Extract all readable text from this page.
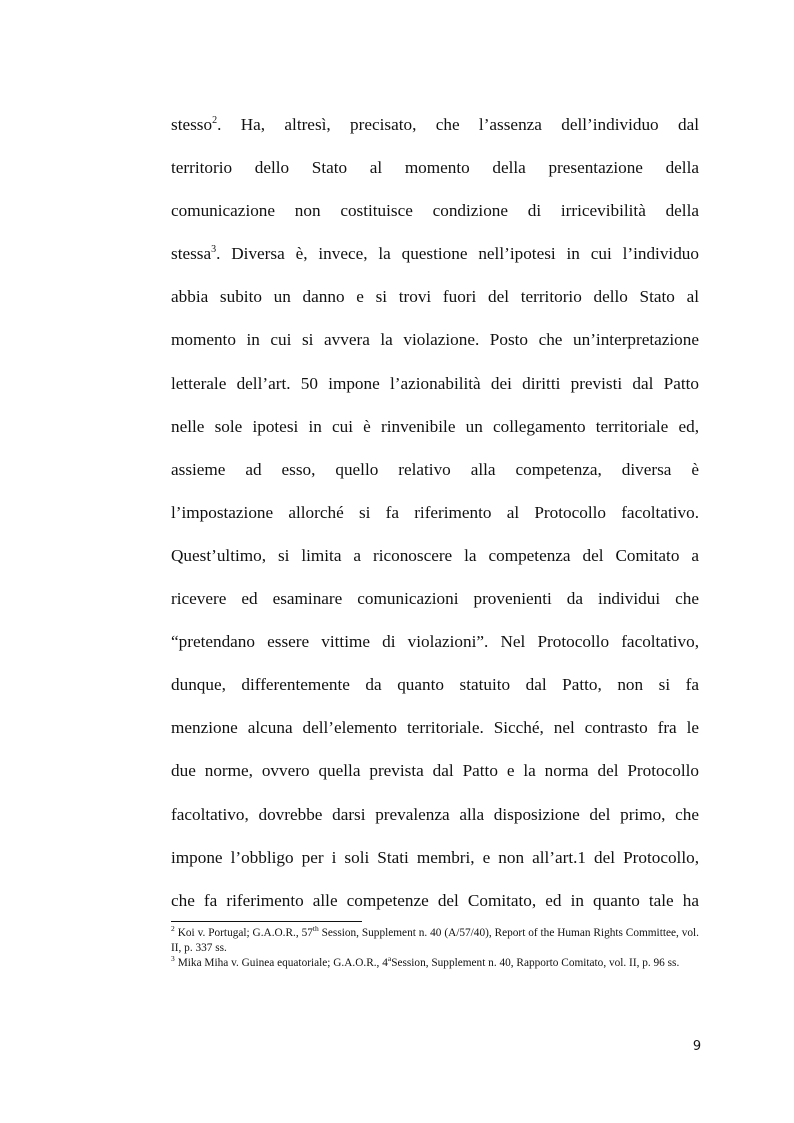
stesso$^2$. Ha, altresì, precisato, che l’assenza dell’individuo dal
territorio dello Stato al momento della presentazione della
comunicazione non costituisce condizione di irricevibilità della
stessa$^3$. Diversa è, invece, la questione nell’ipotesi in cui l’individuo
abbia subito un danno e si trovi fuori del territorio dello Stato al
momento in cui si avvera la violazione. Posto che un’interpretazione
letterale dell’art. 50 impone l’azionabilità dei diritti previsti dal Patto
nelle sole ipotesi in cui è rinvenibile un collegamento territoriale ed,
assieme ad esso, quello relativo alla competenza, diversa è
l’impostazione allorché si fa riferimento al Protocollo facoltativo.
Quest’ultimo, si limita a riconoscere la competenza del Comitato a
ricevere ed esaminare comunicazioni provenienti da individui che
“pretendano essere vittime di violazioni”. Nel Protocollo facoltativo,
dunque, differentemente da quanto statuito dal Patto, non si fa
menzione alcuna dell’elemento territoriale. Sicché, nel contrasto fra le
due norme, ovvero quella prevista dal Patto e la norma del Protocollo
facoltativo, dovrebbe darsi prevalenza alla disposizione del primo, che
impone l’obbligo per i soli Stati membri, e non all’art.1 del Protocollo,
che fa riferimento alle competenze del Comitato, ed in quanto tale ha

$^2$ Koi v. Portugal; G.A.O.R., 57th Session, Supplement n. 40 (A/57/40), Report of the Human Rights Committee, vol. II, p. 337 ss.

$^3$ Mika Miha v. Guinea equatoriale; G.A.O.R., 4$^a$Session, Supplement n. 40, Rapporto Comitato, vol. II, p. 96 ss.

9
